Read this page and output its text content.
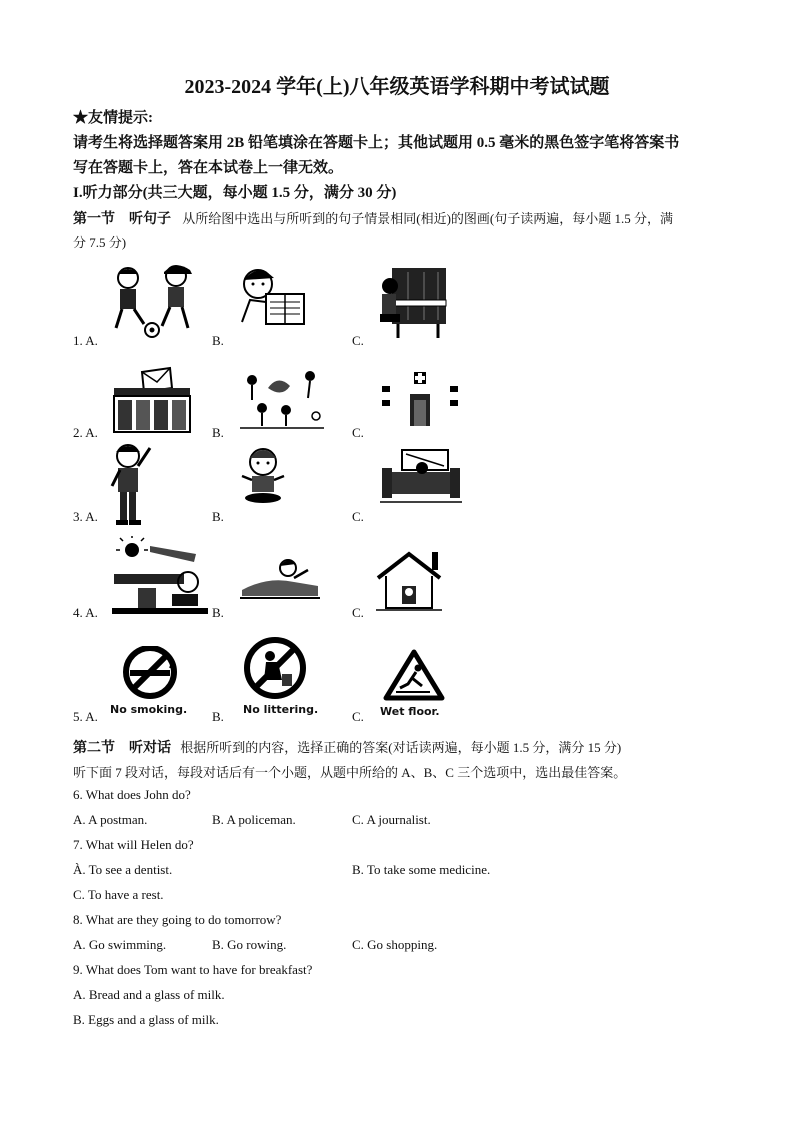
2023-2024 学年(上)八年级英语学科期中考试试题
★友情提示:
请考生将选择题答案用 2B 铅笔填涂在答题卡上；其他试题用 0.5 毫米的黑色签字笔将答案书
写在答题卡上，答在本试卷上一律无效。
I.听力部分(共三大题，每小题 1.5 分，满分 30 分)
第一节　听句子 从所给图中选出与所听到的句子情景相同(相近)的图画(句子读两遍，每小题 1.5 分，满
分 7.5 分)
1. A.	B.	C.
2. A.	B.	C.
3. A.	B.	C.
4. A.	B.	C.
5. A.	B.	C.
No smoking.	No littering.	Wet floor.
第二节　听对话 根据所听到的内容，选择正确的答案(对话读两遍，每小题 1.5 分，满分 15 分)
听下面 7 段对话，每段对话后有一个小题，从题中所给的 A、B、C 三个选项中，选出最佳答案。
6. What does John do?
A. A postman.	B. A policeman.	C. A journalist.
7. What will Helen do?
À. To see a dentist.	B. To take some medicine.
C. To have a rest.
8. What are they going to do tomorrow?
A. Go swimming.	B. Go rowing.	C. Go shopping.
9. What does Tom want to have for breakfast?
A. Bread and a glass of milk.
B. Eggs and a glass of milk.
